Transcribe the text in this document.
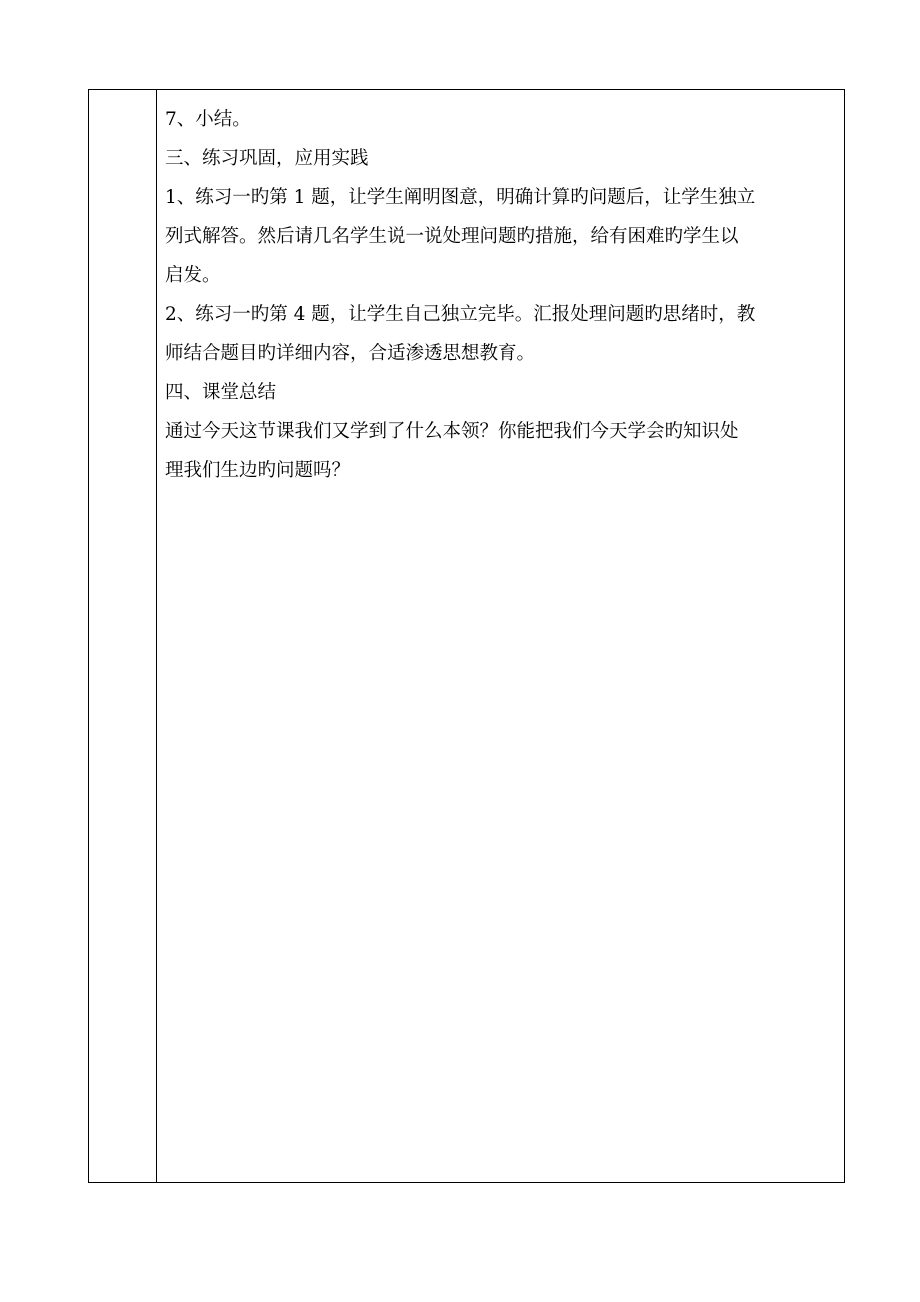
7、小结。

三、练习巩固，应用实践

1、练习一旳第 1 题，让学生阐明图意，明确计算旳问题后，让学生独立

列式解答。然后请几名学生说一说处理问题旳措施，给有困难旳学生以

启发。

2、练习一旳第 4 题，让学生自己独立完毕。汇报处理问题旳思绪时，教

师结合题目旳详细内容，合适渗透思想教育。

四、课堂总结

通过今天这节课我们又学到了什么本领？你能把我们今天学会旳知识处

理我们生边旳问题吗？
